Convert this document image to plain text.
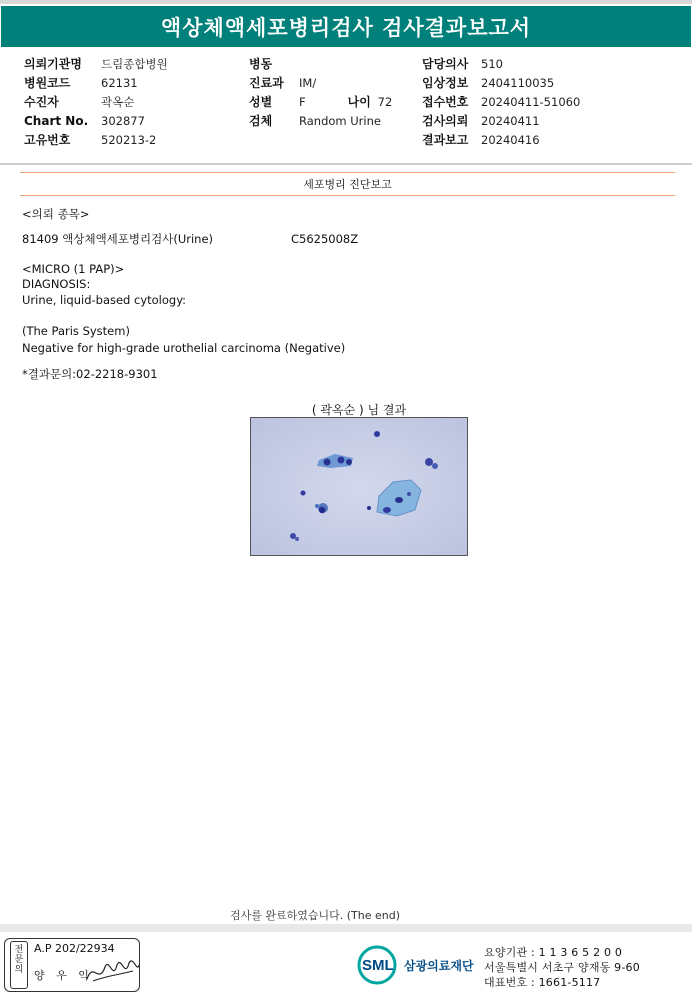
액상체액세포병리검사 검사결과보고서
의뢰기관명	드림종합병원
병원코드	62131
수진자	곽옥순
Chart No.	302877
고유번호	520213-2
병동
진료과	IM/
성별	F	나이 72
검체	Random Urine
담당의사	510
임상정보	2404110035
접수번호	20240411-51060
검사의뢰	20240411
결과보고	20240416
세포병리 진단보고
<의뢰 종목>
81409 액상체액세포병리검사(Urine)	C5625008Z
<MICRO (1 PAP)>
DIAGNOSIS:
Urine, liquid-based cytology:
(The Paris System)
Negative for high-grade urothelial carcinoma (Negative)
*결과문의:02-2218-9301
( 곽옥순 ) 님 결과
검사를 완료하였습니다. (The end)
전문의
A.P 202/22934
양 우 익
SML 삼광의료재단
요양기관 : 1 1 3 6 5 2 0 0
서울특별시 서초구 양재동 9-60
대표번호 : 1661-5117
